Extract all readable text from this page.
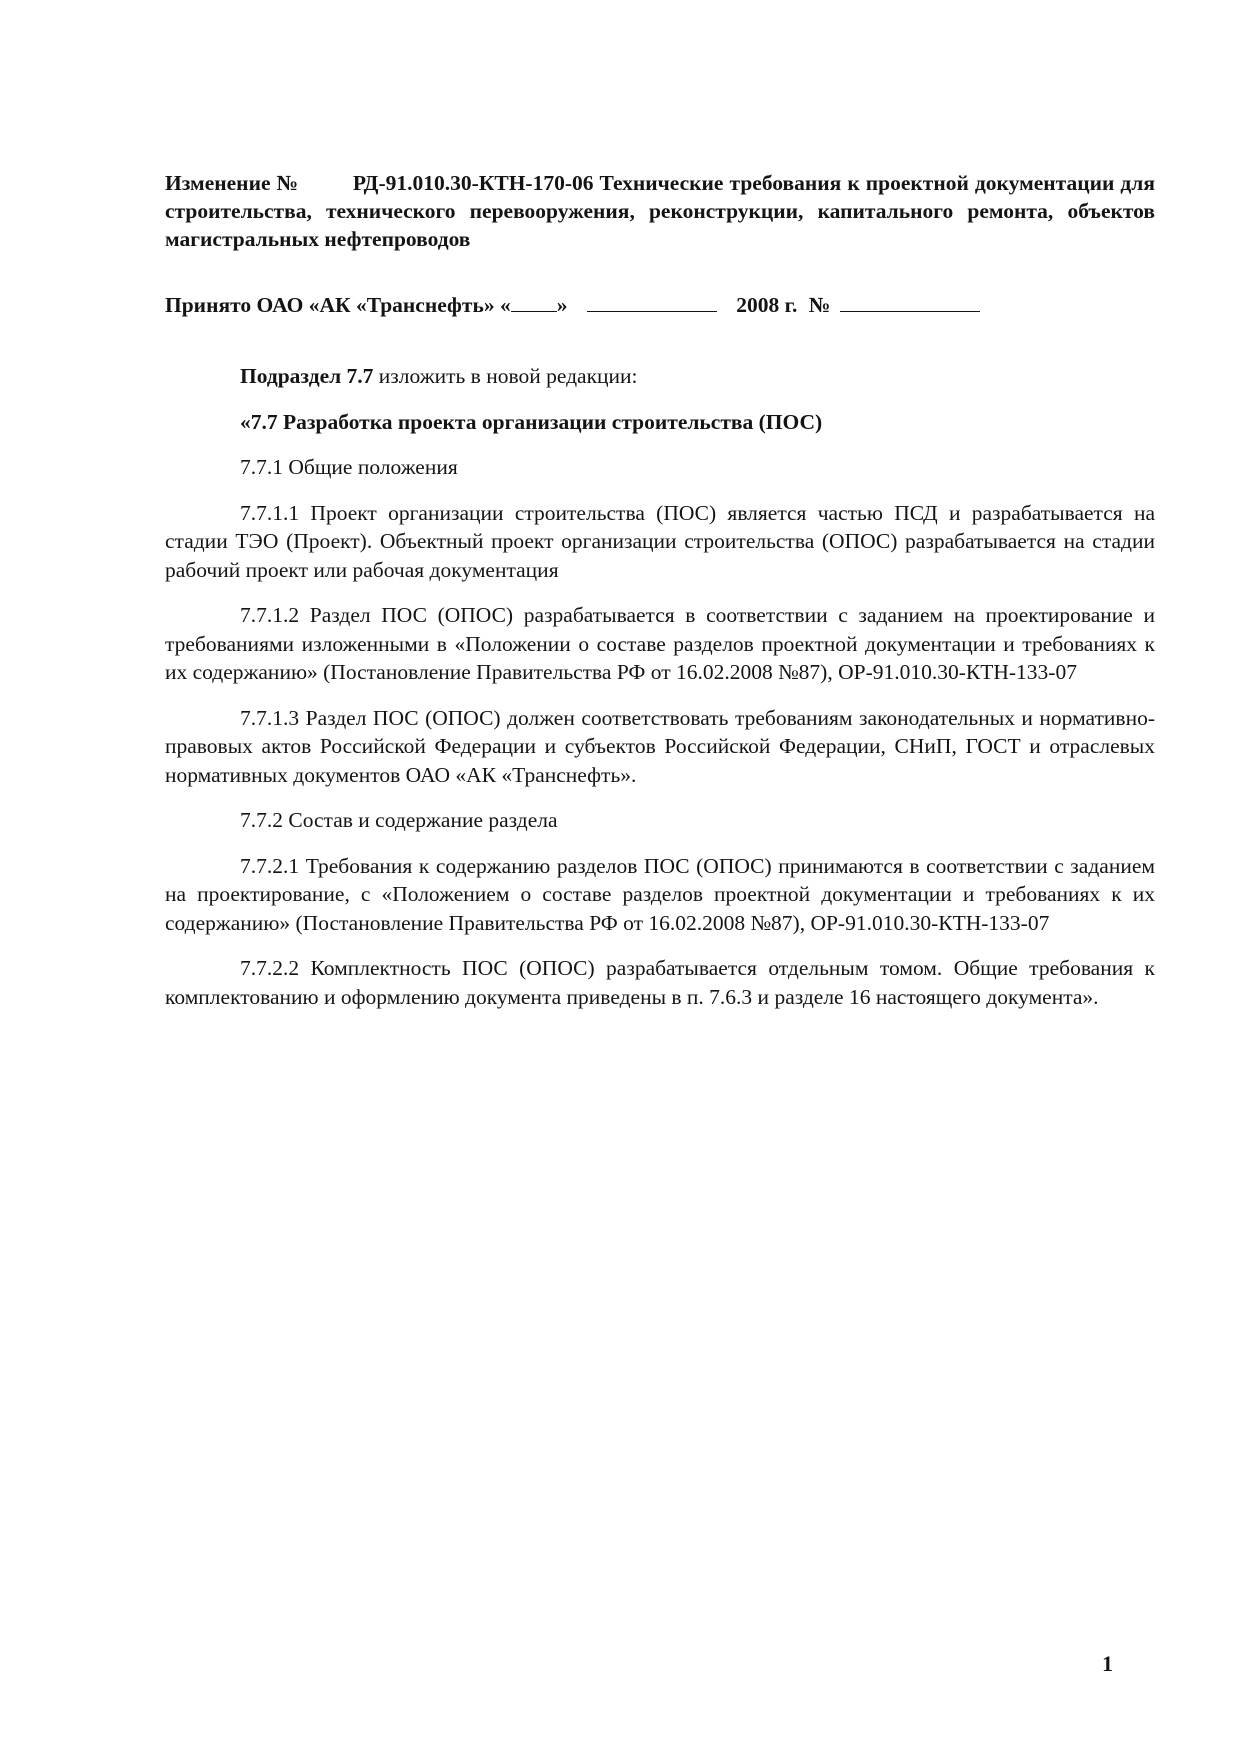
Изменение №	РД-91.010.30-КТН-170-06 Технические требования к проектной документации для строительства, технического перевооружения, реконструкции, капитального ремонта, объектов магистральных нефтепроводов
Принято ОАО «АК «Транснефть» « »	2008 г. №

Подраздел 7.7 изложить в новой редакции:

«7.7 Разработка проекта организации строительства (ПОС)

7.7.1 Общие положения

7.7.1.1 Проект организации строительства (ПОС) является частью ПСД и разрабатывается на стадии ТЭО (Проект). Объектный проект организации строительства (ОПОС) разрабатывается на стадии рабочий проект или рабочая документация

7.7.1.2 Раздел ПОС (ОПОС) разрабатывается в соответствии с заданием на проектирование и требованиями изложенными в «Положении о составе разделов проектной документации и требованиях к их содержанию» (Постановление Правительства РФ от 16.02.2008 №87), ОР-91.010.30-КТН-133-07

7.7.1.3 Раздел ПОС (ОПОС) должен соответствовать требованиям законодательных и нормативно-правовых актов Российской Федерации и субъектов Российской Федерации, СНиП, ГОСТ и отраслевых нормативных документов ОАО «АК «Транснефть».

7.7.2 Состав и содержание раздела

7.7.2.1 Требования к содержанию разделов ПОС (ОПОС) принимаются в соответствии с заданием на проектирование, с «Положением о составе разделов проектной документации и требованиях к их содержанию» (Постановление Правительства РФ от 16.02.2008 №87), ОР-91.010.30-КТН-133-07

7.7.2.2 Комплектность ПОС (ОПОС) разрабатывается отдельным томом. Общие требования к комплектованию и оформлению документа приведены в п. 7.6.3 и разделе 16 настоящего документа».

1
